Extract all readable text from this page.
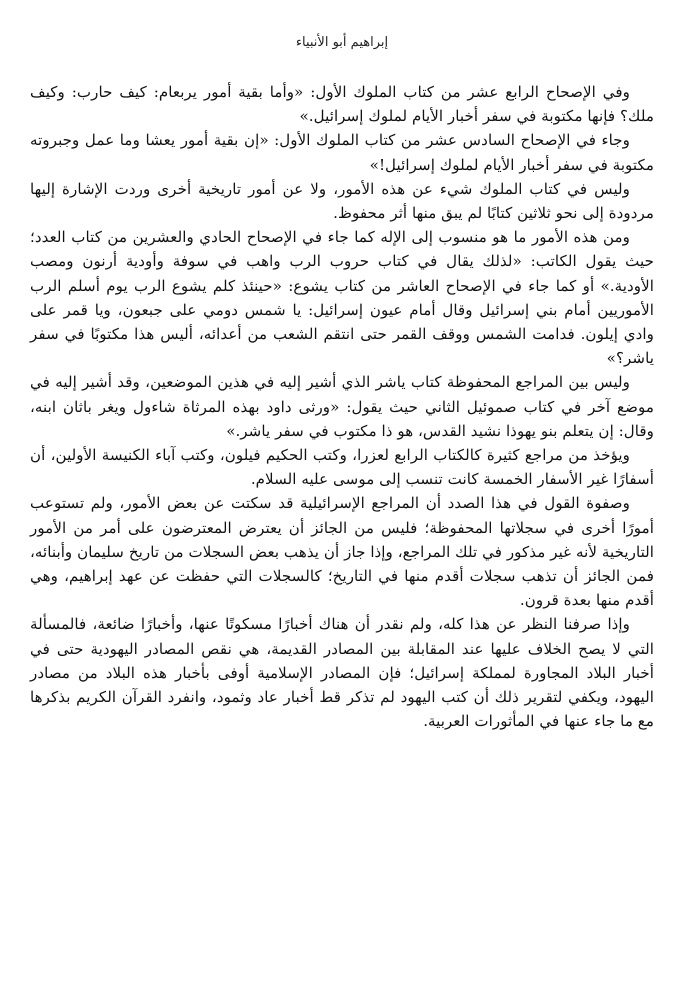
إبراهيم أبو الأنبياء

وفي الإصحاح الرابع عشر من كتاب الملوك الأول: «وأما بقية أمور يربعام: كيف حارب: وكيف ملك؟ فإنها مكتوبة في سفر أخبار الأيام لملوك إسرائيل.»

وجاء في الإصحاح السادس عشر من كتاب الملوك الأول: «إن بقية أمور يعشا وما عمل وجبروته مكتوبة في سفر أخبار الأيام لملوك إسرائيل!»

وليس في كتاب الملوك شيء عن هذه الأمور، ولا عن أمور تاريخية أخرى وردت الإشارة إليها مردودة إلى نحو ثلاثين كتابًا لم يبق منها أثر محفوظ.

ومن هذه الأمور ما هو منسوب إلى الإله كما جاء في الإصحاح الحادي والعشرين من كتاب العدد؛ حيث يقول الكاتب: «لذلك يقال في كتاب حروب الرب واهب في سوفة وأودية أرنون ومصب الأودية.» أو كما جاء في الإصحاح العاشر من كتاب يشوع: «حينئذ كلم يشوع الرب يوم أسلم الرب الأموريين أمام بني إسرائيل وقال أمام عيون إسرائيل: يا شمس دومي على جبعون، ويا قمر على وادي إيلون. فدامت الشمس ووقف القمر حتى انتقم الشعب من أعدائه، أليس هذا مكتوبًا في سفر ياشر؟»

وليس بين المراجع المحفوظة كتاب ياشر الذي أشير إليه في هذين الموضعين، وقد أشير إليه في موضع آخر في كتاب صموئيل الثاني حيث يقول: «ورثى داود بهذه المرثاة شاءول ويغر باثان ابنه، وقال: إن يتعلم بنو يهوذا نشيد القدس، هو ذا مكتوب في سفر ياشر.»

ويؤخذ من مراجع كثيرة كالكتاب الرابع لعزرا، وكتب الحكيم فيلون، وكتب آباء الكنيسة الأولين، أن أسفارًا غير الأسفار الخمسة كانت تنسب إلى موسى عليه السلام.

وصفوة القول في هذا الصدد أن المراجع الإسرائيلية قد سكتت عن بعض الأمور، ولم تستوعب أمورًا أخرى في سجلاتها المحفوظة؛ فليس من الجائز أن يعترض المعترضون على أمر من الأمور التاريخية لأنه غير مذكور في تلك المراجع، وإذا جاز أن يذهب بعض السجلات من تاريخ سليمان وأبنائه، فمن الجائز أن تذهب سجلات أقدم منها في التاريخ؛ كالسجلات التي حفظت عن عهد إبراهيم، وهي أقدم منها بعدة قرون.

وإذا صرفنا النظر عن هذا كله، ولم نقدر أن هناك أخبارًا مسكوتًا عنها، وأخبارًا ضائعة، فالمسألة التي لا يصح الخلاف عليها عند المقابلة بين المصادر القديمة، هي نقص المصادر اليهودية حتى في أخبار البلاد المجاورة لمملكة إسرائيل؛ فإن المصادر الإسلامية أوفى بأخبار هذه البلاد من مصادر اليهود، ويكفي لتقرير ذلك أن كتب اليهود لم تذكر قط أخبار عاد وثمود، وانفرد القرآن الكريم بذكرها مع ما جاء عنها في المأثورات العربية.
